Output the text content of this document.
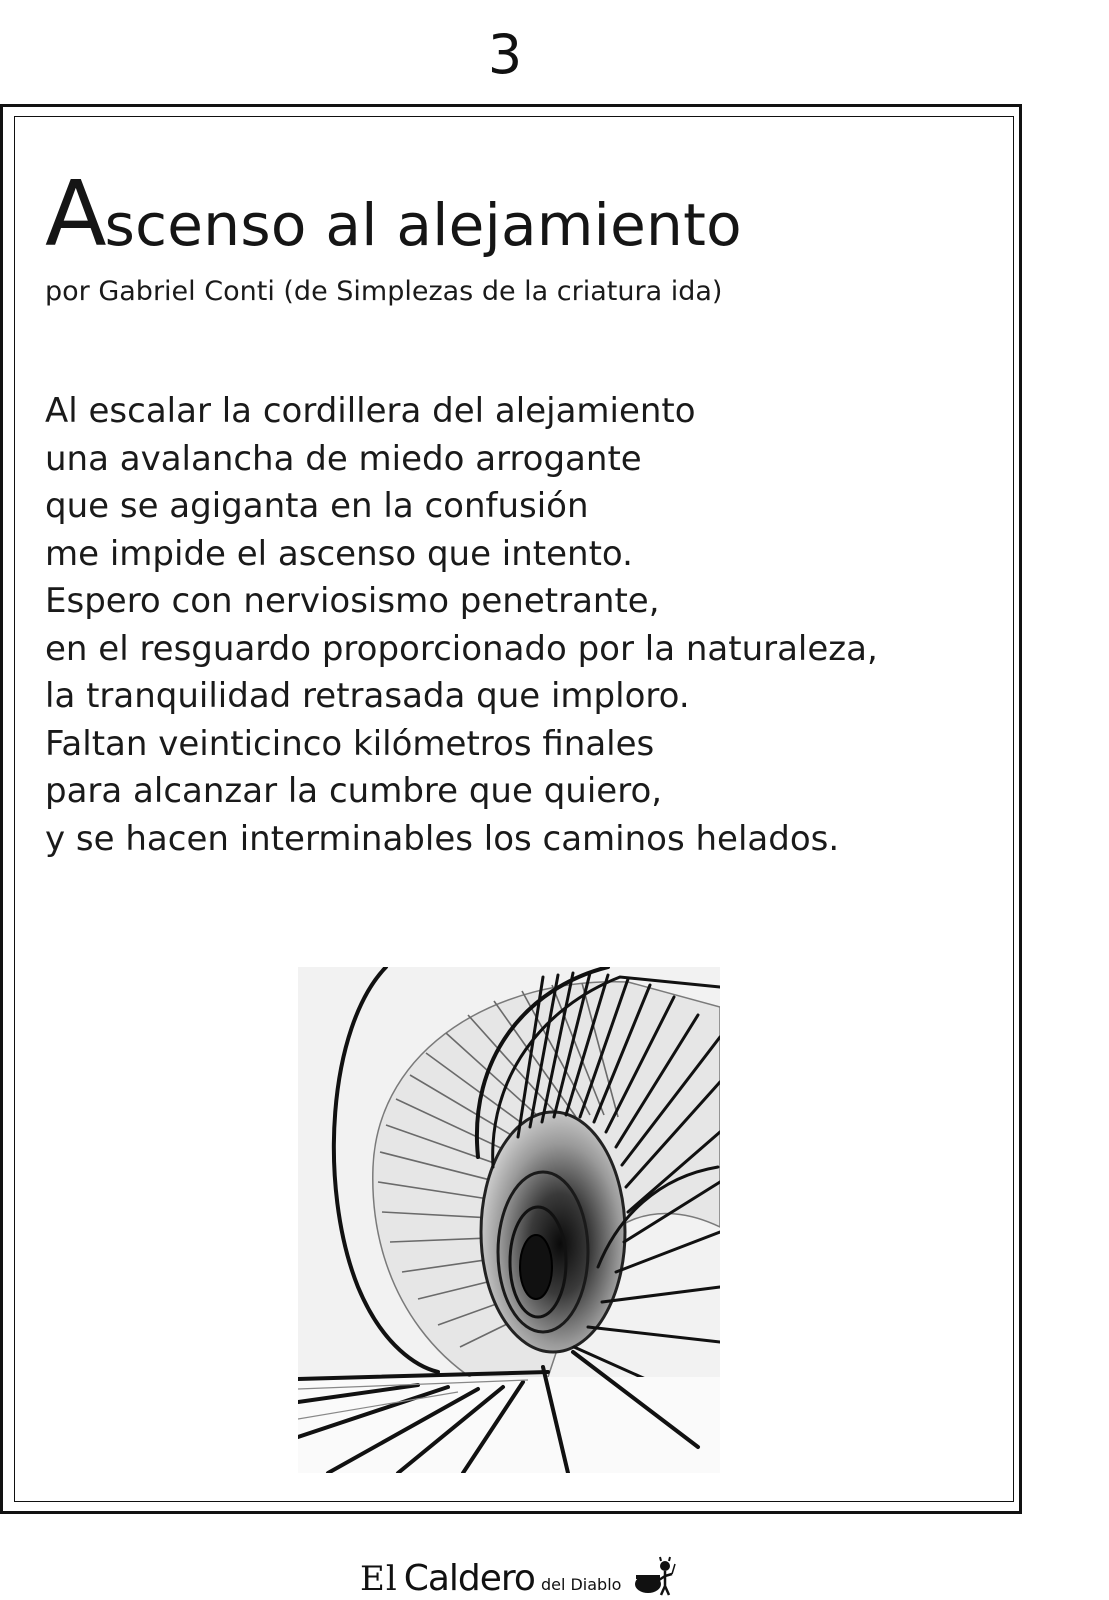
3
Ascenso al alejamiento
por Gabriel Conti (de Simplezas de la criatura ida)
Al escalar la cordillera del alejamiento
una avalancha de miedo arrogante
que se agiganta en la confusión
me impide el ascenso que intento.
Espero con nerviosismo penetrante,
en el resguardo proporcionado por la naturaleza,
la tranquilidad retrasada que imploro.
Faltan veinticinco kilómetros finales
para alcanzar la cumbre que quiero,
y se hacen interminables los caminos helados.
El Caldero del Diablo
